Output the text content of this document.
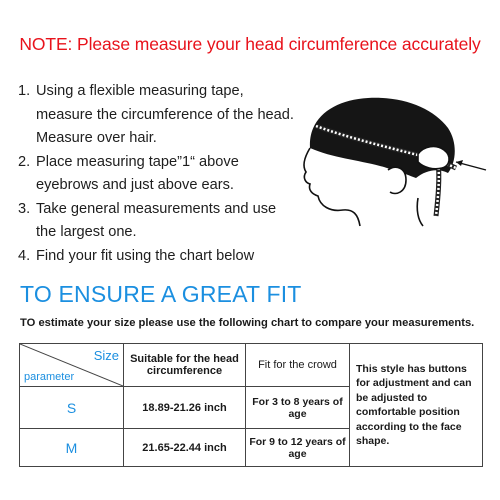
NOTE: Please measure your head circumference accurately
1. Using a flexible measuring tape,
measure the circumference of the head.
Measure over hair.
2. Place measuring tape”1“ above
eyebrows and just above ears.
3. Take general measurements and use
the largest one.
4. Find your fit using the chart below
TO ENSURE A GREAT FIT
TO estimate your size please use the following chart to compare your measurements.
Size
parameter	Suitable for the head circumference	Fit for the crowd	This style has buttons for adjustment and can be adjusted to comfortable position according to the face shape.
S	18.89-21.26 inch	For 3 to 8 years of age	
M	21.65-22.44 inch	For 9 to 12 years of age	
